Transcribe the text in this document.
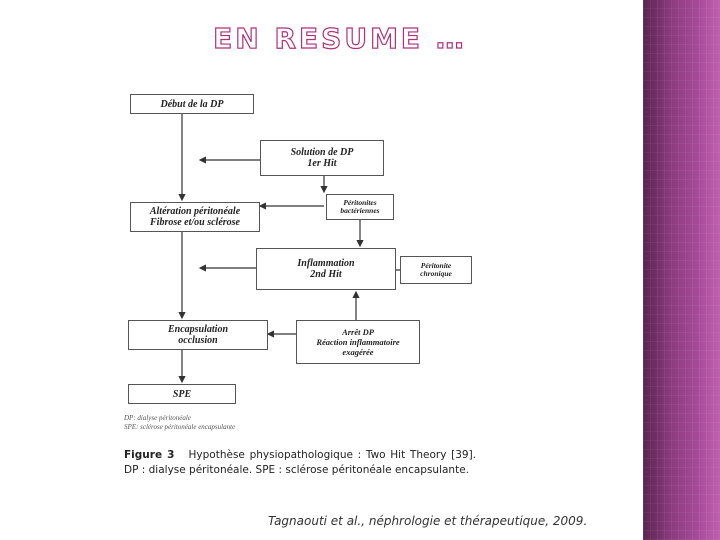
EN RESUME …
Début de la DP
Solution de DP
1er Hit
Altération péritonéale
Fibrose et/ou sclérose
Péritonites
bactériennes
Inflammation
2nd Hit
Péritonite
chronique
Encapsulation
occlusion
Arrêt DP
Réaction inflammatoire
exagérée
SPE
DP: dialyse péritonéale
SPE: sclérose péritonéale encapsulante
Figure 3 Hypothèse physiopathologique : Two Hit Theory [39]. DP : dialyse péritonéale. SPE : sclérose péritonéale encapsulante.
Tagnaouti et al., néphrologie et thérapeutique, 2009.
